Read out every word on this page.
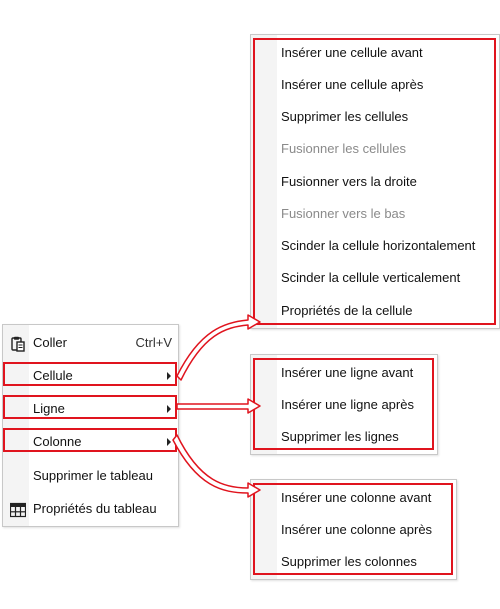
Coller	Ctrl+V
Cellule
Ligne
Colonne
Supprimer le tableau
Propriétés du tableau
Insérer une cellule avant
Insérer une cellule après
Supprimer les cellules
Fusionner les cellules
Fusionner vers la droite
Fusionner vers le bas
Scinder la cellule horizontalement
Scinder la cellule verticalement
Propriétés de la cellule
Insérer une ligne avant
Insérer une ligne après
Supprimer les lignes
Insérer une colonne avant
Insérer une colonne après
Supprimer les colonnes
